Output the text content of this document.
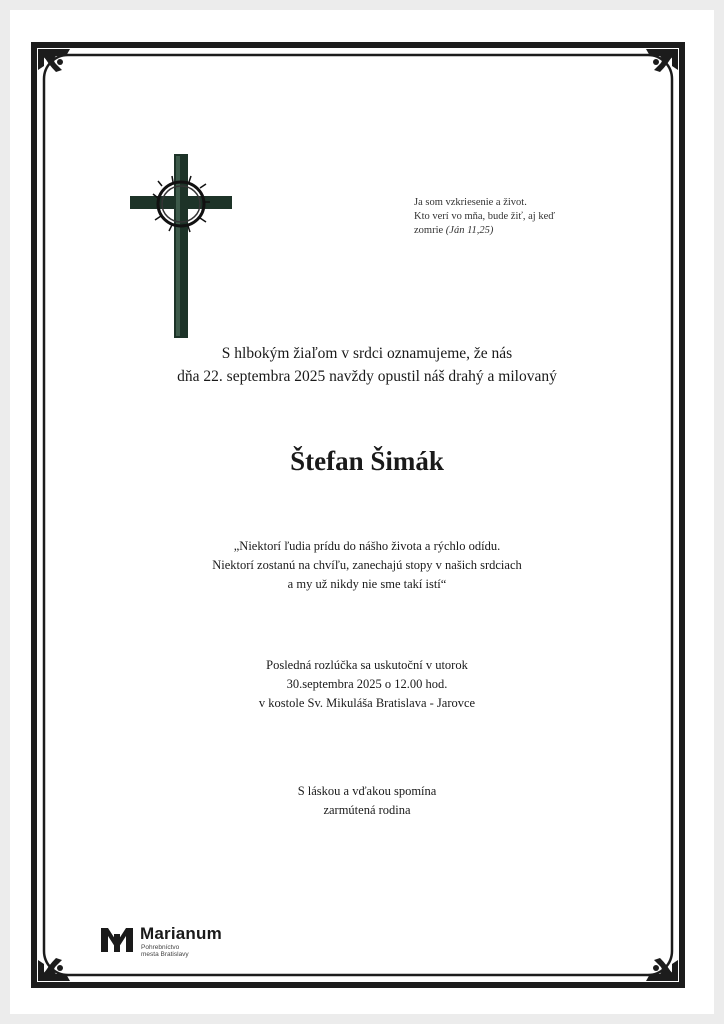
Ja som vzkriesenie a život.
Kto verí vo mňa, bude žiť, aj keď
zomrie (Ján 11,25)
S hlbokým žiaľom v srdci oznamujeme, že nás
dňa 22. septembra 2025 navždy opustil náš drahý a milovaný
Štefan Šimák
„Niektorí ľudia prídu do nášho života a rýchlo odídu.
Niektorí zostanú na chvíľu, zanechajú stopy v našich srdciach
a my už nikdy nie sme takí istí“
Posledná rozlúčka sa uskutoční v utorok
30.septembra 2025 o 12.00 hod.
v kostole Sv. Mikuláša Bratislava - Jarovce
S láskou a vďakou spomína
zarmútená rodina
Marianum
Pohrebníctvo
mesta Bratislavy
